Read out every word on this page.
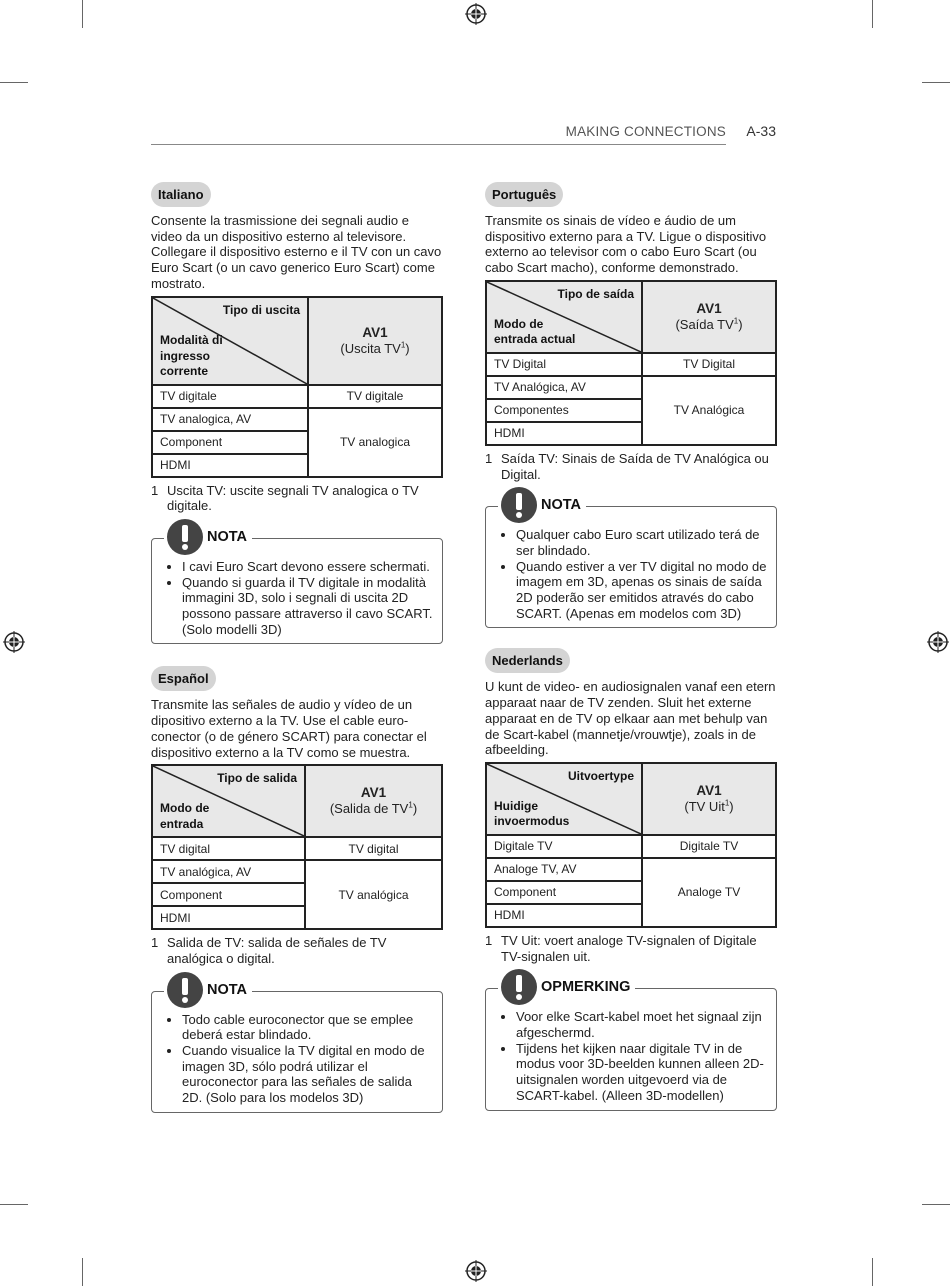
MAKING CONNECTIONS A-33
Italiano
Consente la trasmissione dei segnali audio e video da un dispositivo esterno al televisore. Collegare il dispositivo esterno e il TV con un cavo Euro Scart (o un cavo generico Euro Scart) come mostrato.
Tipo di uscita
Modalità di ingresso corrente	AV1
(Uscita $TV^1$)
TV digitale	TV digitale
TV analogica, AV	TV analogica
Component	
HDMI	
1 Uscita TV: uscite segnali TV analogica o TV digitale.
NOTA
• I cavi Euro Scart devono essere schermati.
• Quando si guarda il TV digitale in modalità immagini 3D, solo i segnali di uscita 2D possono passare attraverso il cavo SCART. (Solo modelli 3D)
Español
Transmite las señales de audio y vídeo de un dipositivo externo a la TV. Use el cable euro-conector (o de género SCART) para conectar el dispositivo externo a la TV como se muestra.
Tipo de salida
Modo de entrada	AV1
(Salida de $TV^1$)
TV digital	TV digital
TV analógica, AV	TV analógica
Component	
HDMI	
1 Salida de TV: salida de señales de TV analógica o digital.
NOTA
• Todo cable euroconector que se emplee deberá estar blindado.
• Cuando visualice la TV digital en modo de imagen 3D, sólo podrá utilizar el euroconector para las señales de salida 2D. (Solo para los modelos 3D)
Português
Transmite os sinais de vídeo e áudio de um dispositivo externo para a TV. Ligue o dispositivo externo ao televisor com o cabo Euro Scart (ou cabo Scart macho), conforme demonstrado.
Tipo de saída
Modo de entrada actual	AV1
(Saída $TV^1$)
TV Digital	TV Digital
TV Analógica, AV	TV Analógica
Componentes	
HDMI	
1 Saída TV: Sinais de Saída de TV Analógica ou Digital.
NOTA
• Qualquer cabo Euro scart utilizado terá de ser blindado.
• Quando estiver a ver TV digital no modo de imagem em 3D, apenas os sinais de saída 2D poderão ser emitidos através do cabo SCART. (Apenas em modelos com 3D)
Nederlands
U kunt de video- en audiosignalen vanaf een etern apparaat naar de TV zenden. Sluit het externe apparaat en de TV op elkaar aan met behulp van de Scart-kabel (mannetje/vrouwtje), zoals in de afbeelding.
Uitvoertype
Huidige invoermodus	AV1
(TV Uit$^1$)
Digitale TV	Digitale TV
Analoge TV, AV	Analoge TV
Component	
HDMI	
1 TV Uit: voert analoge TV-signalen of Digitale TV-signalen uit.
OPMERKING
• Voor elke Scart-kabel moet het signaal zijn afgeschermd.
• Tijdens het kijken naar digitale TV in de modus voor 3D-beelden kunnen alleen 2D-uitsignalen worden uitgevoerd via de SCART-kabel. (Alleen 3D-modellen)
